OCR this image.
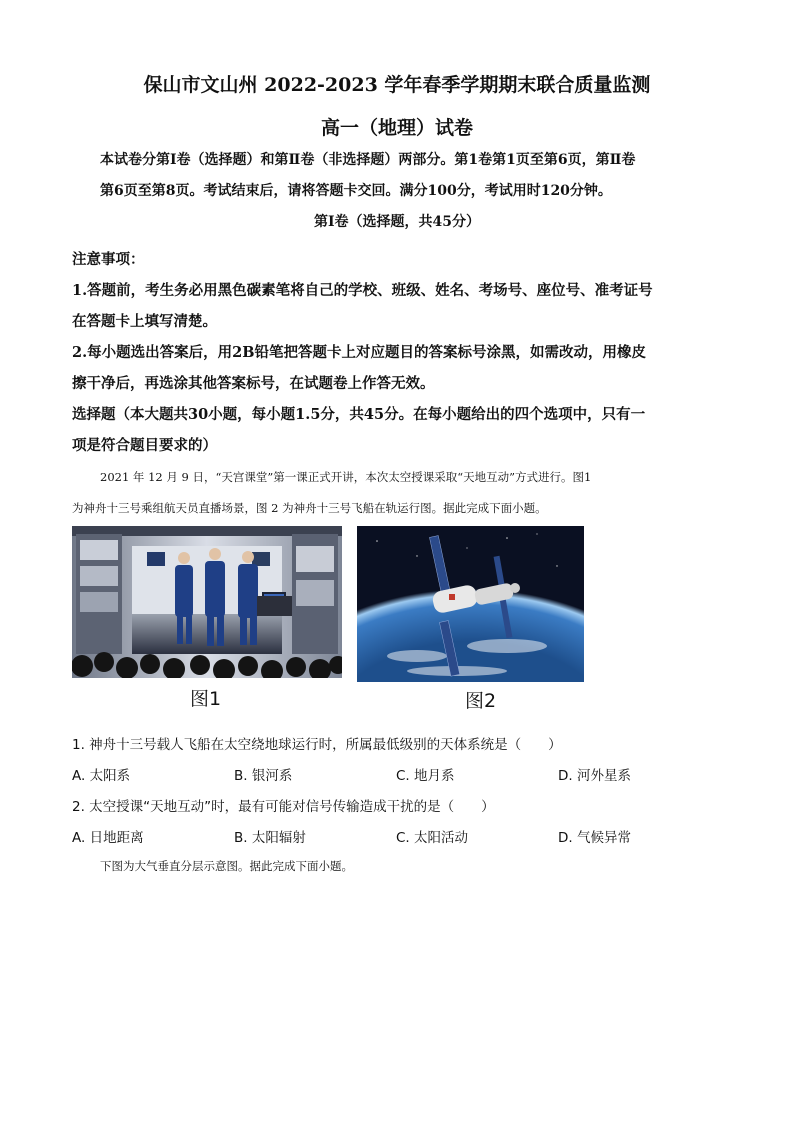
保山市文山州 2022-2023 学年春季学期期末联合质量监测
高一（地理）试卷

本试卷分第Ⅰ卷（选择题）和第Ⅱ卷（非选择题）两部分。第1卷第1页至第6页，第Ⅱ卷

第6页至第8页。考试结束后，请将答题卡交回。满分100分，考试用时120分钟。

第Ⅰ卷（选择题，共45分）

注意事项：

1.答题前，考生务必用黑色碳素笔将自己的学校、班级、姓名、考场号、座位号、准考证号

在答题卡上填写清楚。

2.每小题选出答案后，用2B铅笔把答题卡上对应题目的答案标号涂黑，如需改动，用橡皮

擦干净后，再选涂其他答案标号，在试题卷上作答无效。

选择题（本大题共30小题，每小题1.5分，共45分。在每小题给出的四个选项中，只有一

项是符合题目要求的）

2021 年 12 月 9 日，“天宫课堂”第一课正式开讲，本次太空授课采取“天地互动”方式进行。图1

为神舟十三号乘组航天员直播场景，图 2 为神舟十三号飞船在轨运行图。据此完成下面小题。

图1	图2
1. 神舟十三号载人飞船在太空绕地球运行时，所属最低级别的天体系统是（　　）
A. 太阳系	B. 银河系	C. 地月系	D. 河外星系
2. 太空授课“天地互动”时，最有可能对信号传输造成干扰的是（　　）
A. 日地距离	B. 太阳辐射	C. 太阳活动	D. 气候异常
下图为大气垂直分层示意图。据此完成下面小题。
